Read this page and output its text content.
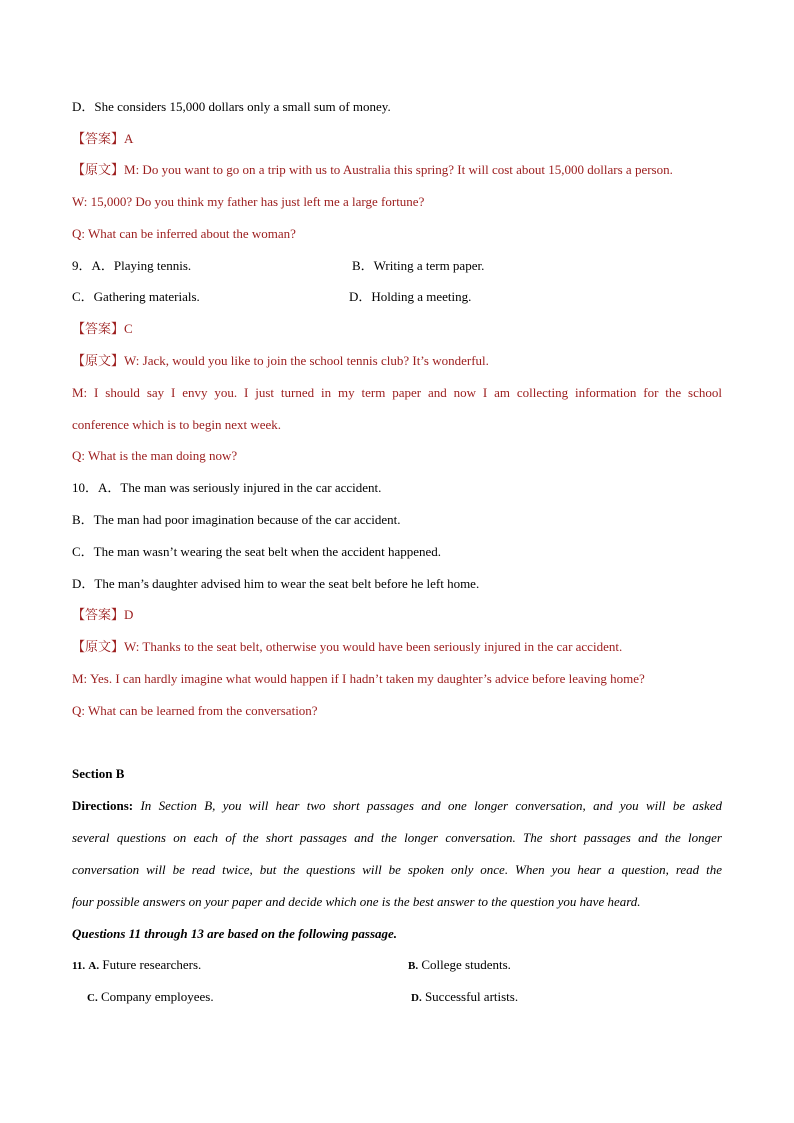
D．She considers 15,000 dollars only a small sum of money.
【答案】A
【原文】M: Do you want to go on a trip with us to Australia this spring? It will cost about 15,000 dollars a person.
W: 15,000? Do you think my father has just left me a large fortune?
Q: What can be inferred about the woman?
9．A．Playing tennis.	B．Writing a term paper.
C．Gathering materials.	D．Holding a meeting.
【答案】C
【原文】W: Jack, would you like to join the school tennis club? It’s wonderful.
M: I should say I envy you. I just turned in my term paper and now I am collecting information for the school
conference which is to begin next week.
Q: What is the man doing now?
10．A．The man was seriously injured in the car accident.
B．The man had poor imagination because of the car accident.
C．The man wasn’t wearing the seat belt when the accident happened.
D．The man’s daughter advised him to wear the seat belt before he left home.
【答案】D
【原文】W: Thanks to the seat belt, otherwise you would have been seriously injured in the car accident.
M: Yes. I can hardly imagine what would happen if I hadn’t taken my daughter’s advice before leaving home?
Q: What can be learned from the conversation?
Section B
Directions: In Section B, you will hear two short passages and one longer conversation, and you will be asked
several questions on each of the short passages and the longer conversation. The short passages and the longer
conversation will be read twice, but the questions will be spoken only once. When you hear a question, read the
four possible answers on your paper and decide which one is the best answer to the question you have heard.
Questions 11 through 13 are based on the following passage.
11. A. Future researchers.	B. College students.
C. Company employees.	D. Successful artists.
